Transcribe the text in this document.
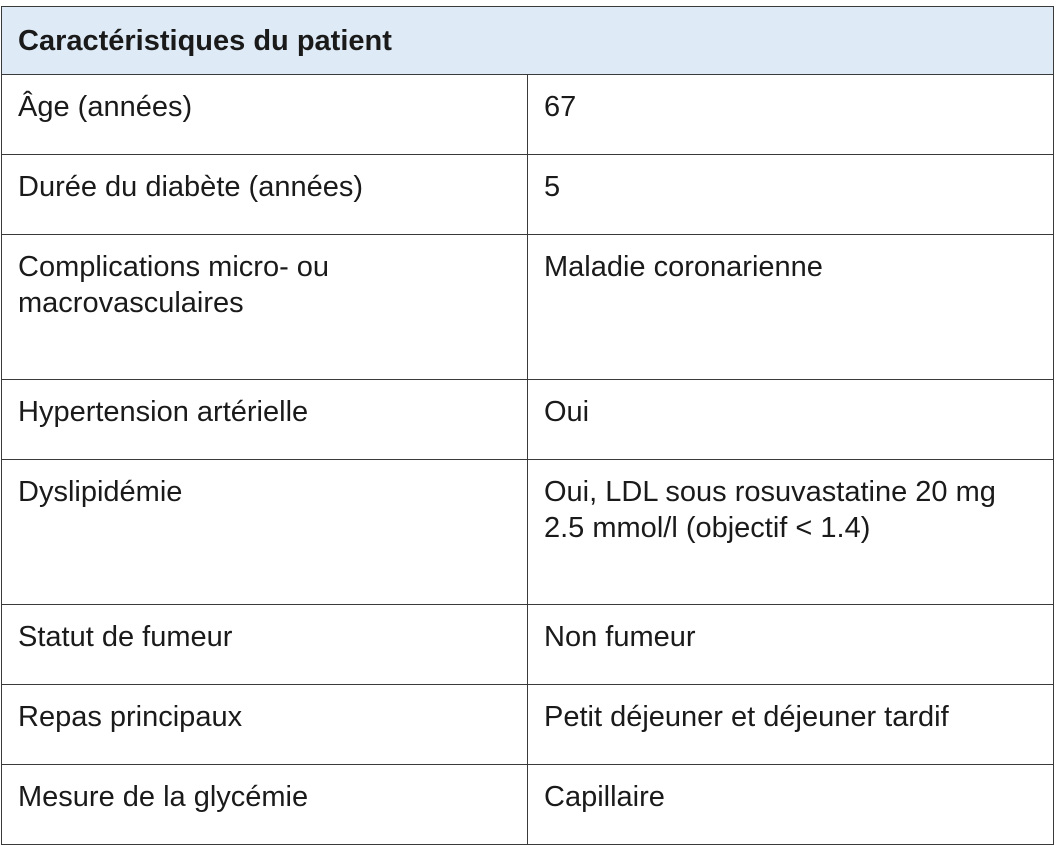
Caractéristiques du patient	
Âge (années)	67
Durée du diabète (années)	5
Complications micro- ou macrovasculaires	Maladie coronarienne
Hypertension artérielle	Oui
Dyslipidémie	Oui, LDL sous rosuvastatine 20 mg 2.5 mmol/l (objectif < 1.4)
Statut de fumeur	Non fumeur
Repas principaux	Petit déjeuner et déjeuner tardif
Mesure de la glycémie	Capillaire
